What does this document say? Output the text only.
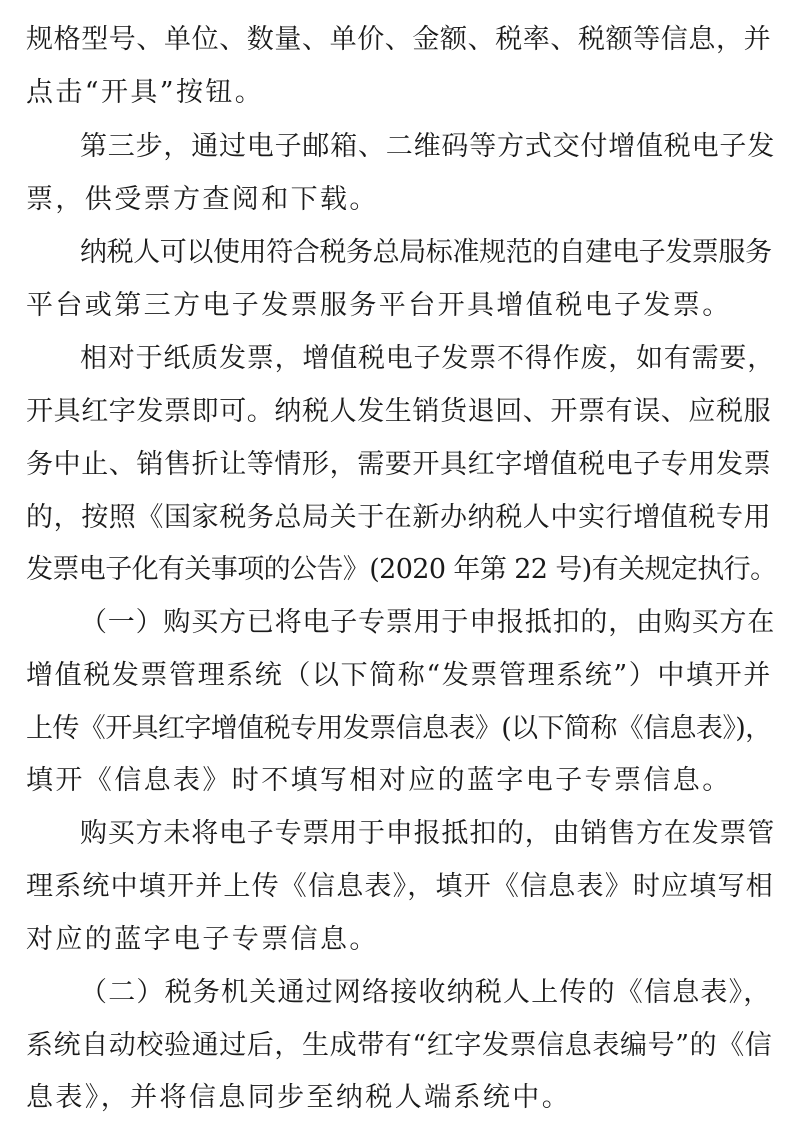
规格型号、单位、数量、单价、金额、税率、税额等信息，并
点击“开具”按钮。
第三步，通过电子邮箱、二维码等方式交付增值税电子发
票，供受票方查阅和下载。
纳税人可以使用符合税务总局标准规范的自建电子发票服务
平台或第三方电子发票服务平台开具增值税电子发票。
相对于纸质发票，增值税电子发票不得作废，如有需要，
开具红字发票即可。纳税人发生销货退回、开票有误、应税服
务中止、销售折让等情形，需要开具红字增值税电子专用发票
的，按照《国家税务总局关于在新办纳税人中实行增值税专用
发票电子化有关事项的公告》(2020 年第 22 号)有关规定执行。
（一）购买方已将电子专票用于申报抵扣的，由购买方在
增值税发票管理系统（以下简称“发票管理系统”）中填开并
上传《开具红字增值税专用发票信息表》(以下简称《信息表》)，
填开《信息表》时不填写相对应的蓝字电子专票信息。
购买方未将电子专票用于申报抵扣的，由销售方在发票管
理系统中填开并上传《信息表》，填开《信息表》时应填写相
对应的蓝字电子专票信息。
（二）税务机关通过网络接收纳税人上传的《信息表》，
系统自动校验通过后，生成带有“红字发票信息表编号”的《信
息表》，并将信息同步至纳税人端系统中。
